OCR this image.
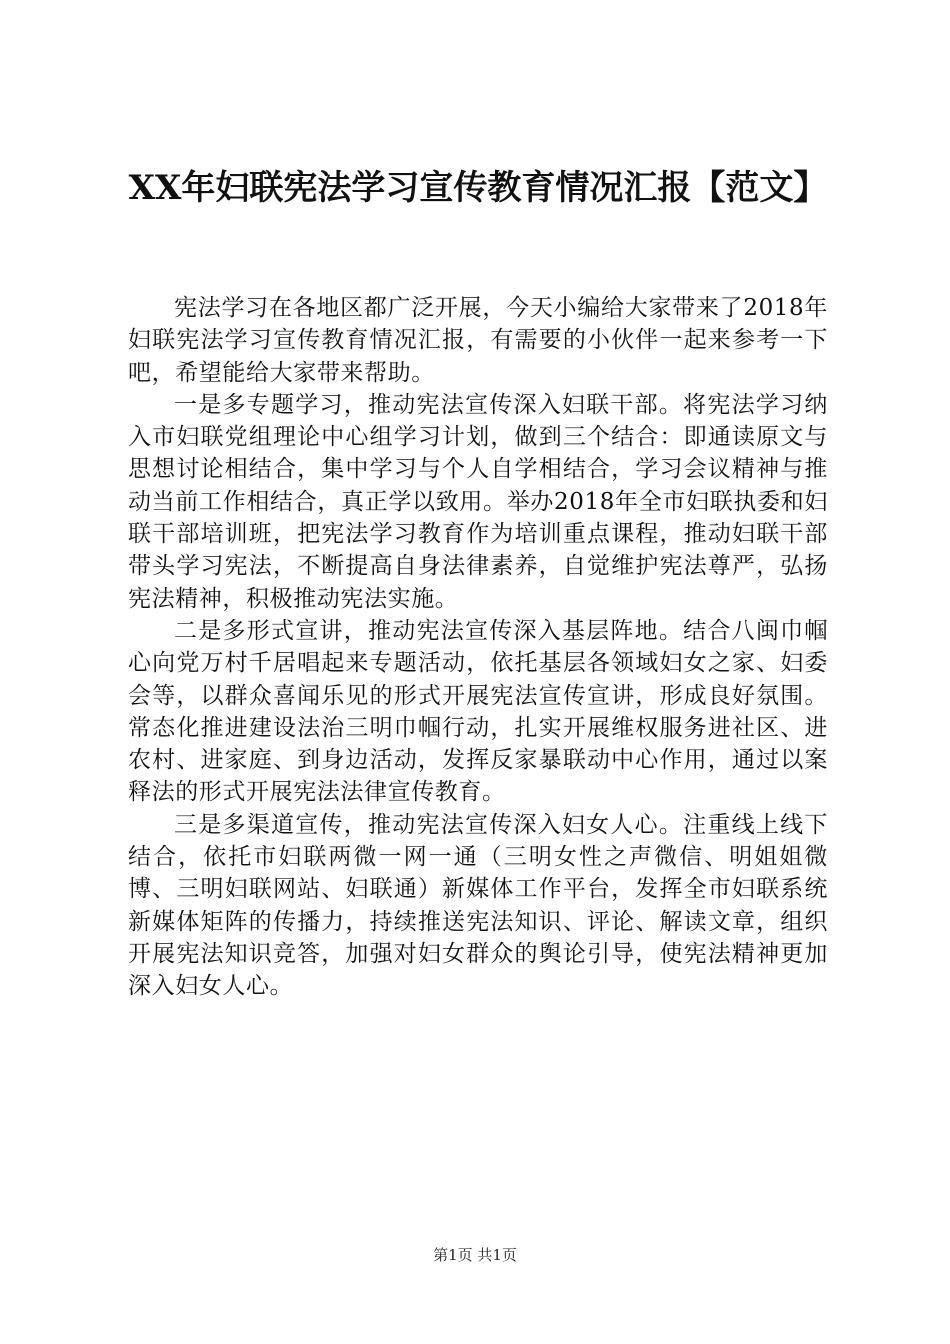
XX年妇联宪法学习宣传教育情况汇报【范文】

宪法学习在各地区都广泛开展，今天小编给大家带来了2018年妇联宪法学习宣传教育情况汇报，有需要的小伙伴一起来参考一下吧，希望能给大家带来帮助。

一是多专题学习，推动宪法宣传深入妇联干部。将宪法学习纳入市妇联党组理论中心组学习计划，做到三个结合：即通读原文与思想讨论相结合，集中学习与个人自学相结合，学习会议精神与推动当前工作相结合，真正学以致用。举办2018年全市妇联执委和妇联干部培训班，把宪法学习教育作为培训重点课程，推动妇联干部带头学习宪法，不断提高自身法律素养，自觉维护宪法尊严，弘扬宪法精神，积极推动宪法实施。

二是多形式宣讲，推动宪法宣传深入基层阵地。结合八闽巾帼心向党万村千居唱起来专题活动，依托基层各领域妇女之家、妇委会等，以群众喜闻乐见的形式开展宪法宣传宣讲，形成良好氛围。常态化推进建设法治三明巾帼行动，扎实开展维权服务进社区、进农村、进家庭、到身边活动，发挥反家暴联动中心作用，通过以案释法的形式开展宪法法律宣传教育。

三是多渠道宣传，推动宪法宣传深入妇女人心。注重线上线下结合，依托市妇联两微一网一通（三明女性之声微信、明姐姐微博、三明妇联网站、妇联通）新媒体工作平台，发挥全市妇联系统新媒体矩阵的传播力，持续推送宪法知识、评论、解读文章，组织开展宪法知识竞答，加强对妇女群众的舆论引导，使宪法精神更加深入妇女人心。

第1页 共1页
